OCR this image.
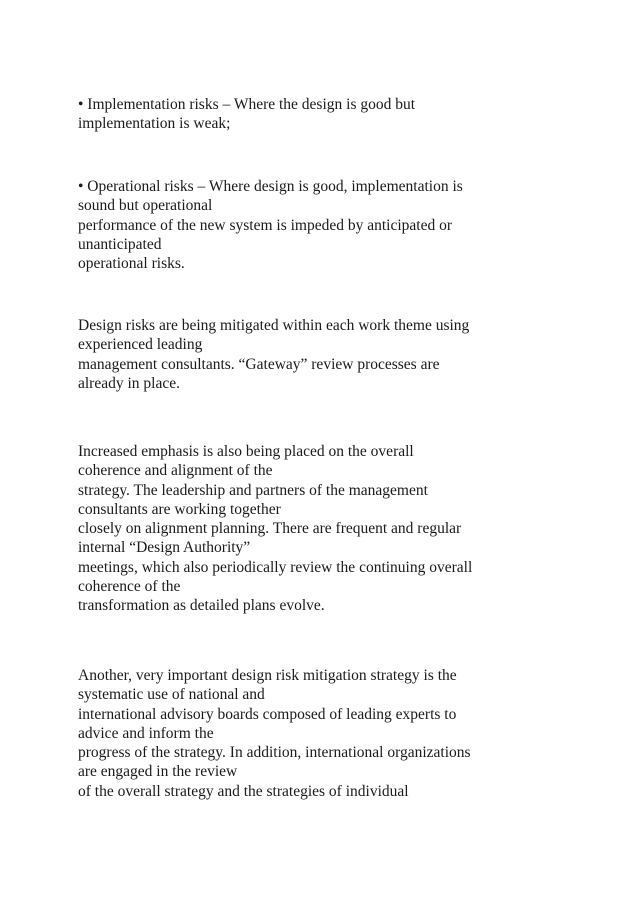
• Implementation risks – Where the design is good but
implementation is weak;

• Operational risks – Where design is good, implementation is
sound but operational
performance of the new system is impeded by anticipated or
unanticipated
operational risks.

Design risks are being mitigated within each work theme using
experienced leading
management consultants. “Gateway” review processes are
already in place.

Increased emphasis is also being placed on the overall
coherence and alignment of the
strategy. The leadership and partners of the management
consultants are working together
closely on alignment planning. There are frequent and regular
internal “Design Authority”
meetings, which also periodically review the continuing overall
coherence of the
transformation as detailed plans evolve.

Another, very important design risk mitigation strategy is the
systematic use of national and
international advisory boards composed of leading experts to
advice and inform the
progress of the strategy. In addition, international organizations
are engaged in the review
of the overall strategy and the strategies of individual
